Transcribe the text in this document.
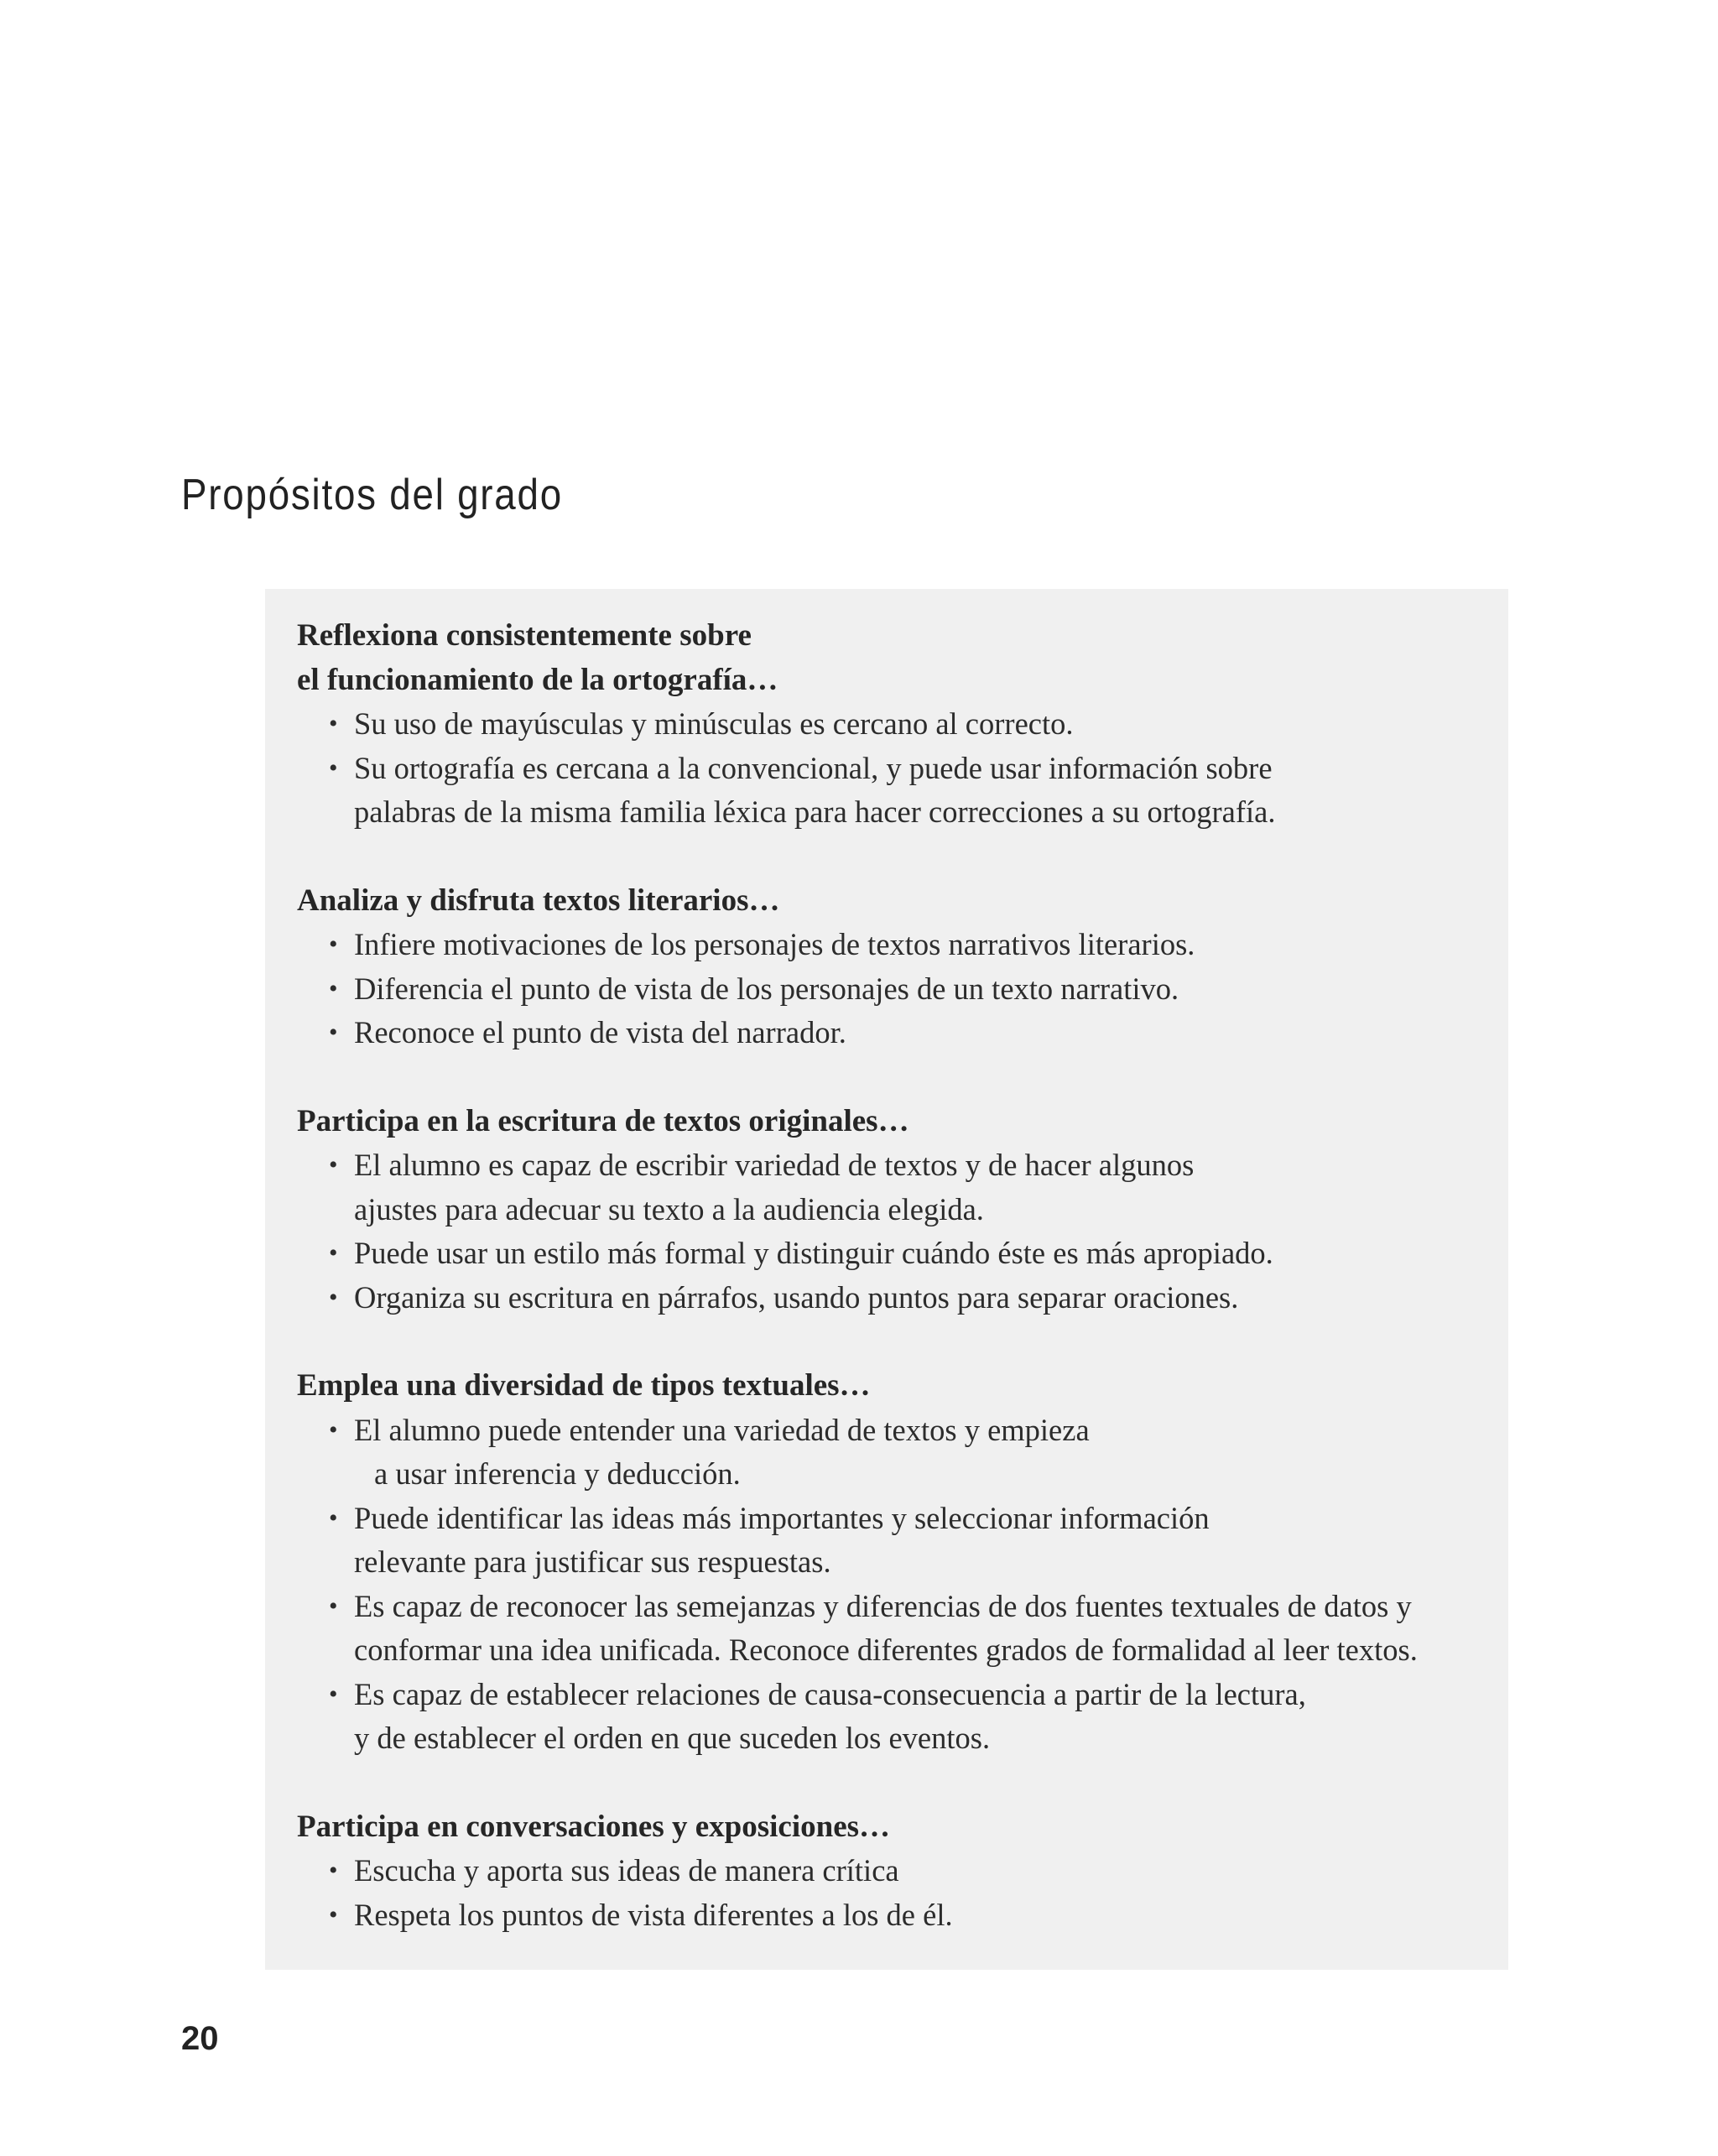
Propósitos del grado
Reflexiona consistentemente sobre
el funcionamiento de la ortografía…
• Su uso de mayúsculas y minúsculas es cercano al correcto.
• Su ortografía es cercana a la convencional, y puede usar información sobre
palabras de la misma familia léxica para hacer correcciones a su ortografía.
Analiza y disfruta textos literarios…
• Infiere motivaciones de los personajes de textos narrativos literarios.
• Diferencia el punto de vista de los personajes de un texto narrativo.
• Reconoce el punto de vista del narrador.
Participa en la escritura de textos originales…
• El alumno es capaz de escribir variedad de textos y de hacer algunos
ajustes para adecuar su texto a la audiencia elegida.
• Puede usar un estilo más formal y distinguir cuándo éste es más apropiado.
• Organiza su escritura en párrafos, usando puntos para separar oraciones.
Emplea una diversidad de tipos textuales…
• El alumno puede entender una variedad de textos y empieza
a usar inferencia y deducción.
• Puede identificar las ideas más importantes y seleccionar información
relevante para justificar sus respuestas.
• Es capaz de reconocer las semejanzas y diferencias de dos fuentes textuales de datos y
conformar una idea unificada. Reconoce diferentes grados de formalidad al leer textos.
• Es capaz de establecer relaciones de causa-consecuencia a partir de la lectura,
y de establecer el orden en que suceden los eventos.
Participa en conversaciones y exposiciones…
• Escucha y aporta sus ideas de manera crítica
• Respeta los puntos de vista diferentes a los de él.
20
